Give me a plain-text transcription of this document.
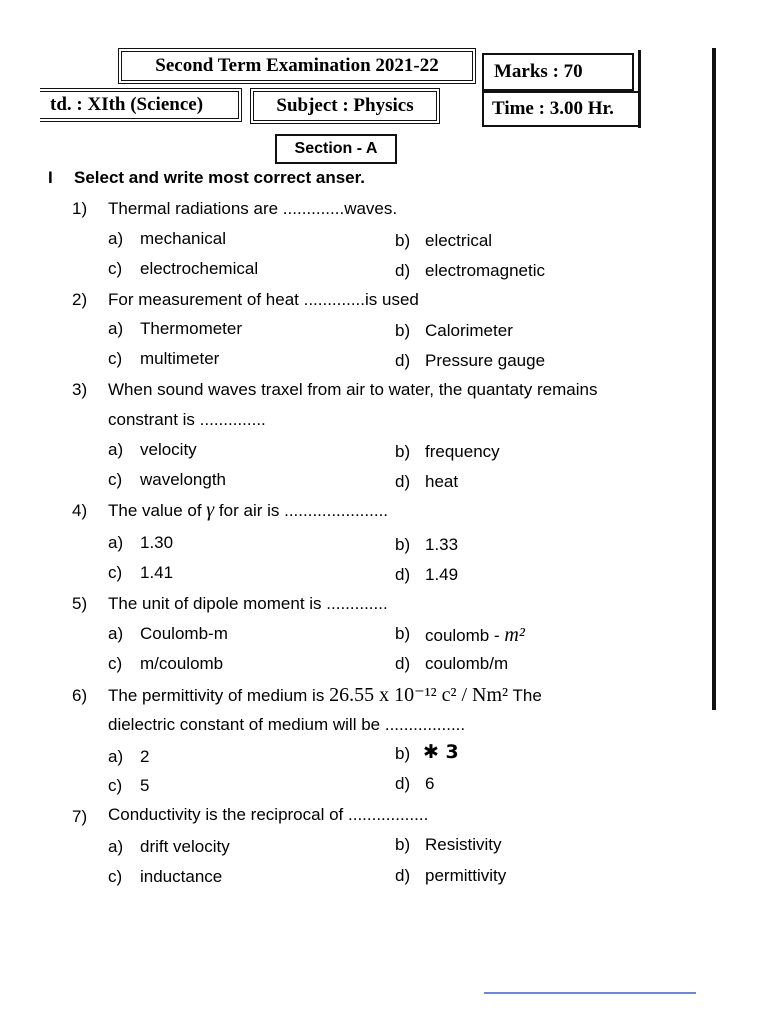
Second Term Examination 2021-22	Marks : 70
td. : XIth (Science)	Subject : Physics	Time : 3.00 Hr.
Section - A
I Select and write most correct anser.
1) Thermal radiations are .............waves.
a) mechanical	b) electrical
c) electrochemical	d) electromagnetic
2) For measurement of heat .............is used
a) Thermometer	b) Calorimeter
c) multimeter	d) Pressure gauge
3) When sound waves traxel from air to water, the quantaty remains
constrant is ..............
a) velocity	b) frequency
c) wavelongth	d) heat
4) The value of γ for air is ......................
a) 1.30	b) 1.33
c) 1.41	d) 1.49
5) The unit of dipole moment is .............
a) Coulomb-m	b) coulomb - m²
c) m/coulomb	d) coulomb/m
6) The permittivity of medium is 26.55 x 10⁻¹² c² / Nm² The
dielectric constant of medium will be .................
a) 2	b) ✱ 3
c) 5	d) 6
7) Conductivity is the reciprocal of .................
a) drift velocity	b) Resistivity
c) inductance	d) permittivity
